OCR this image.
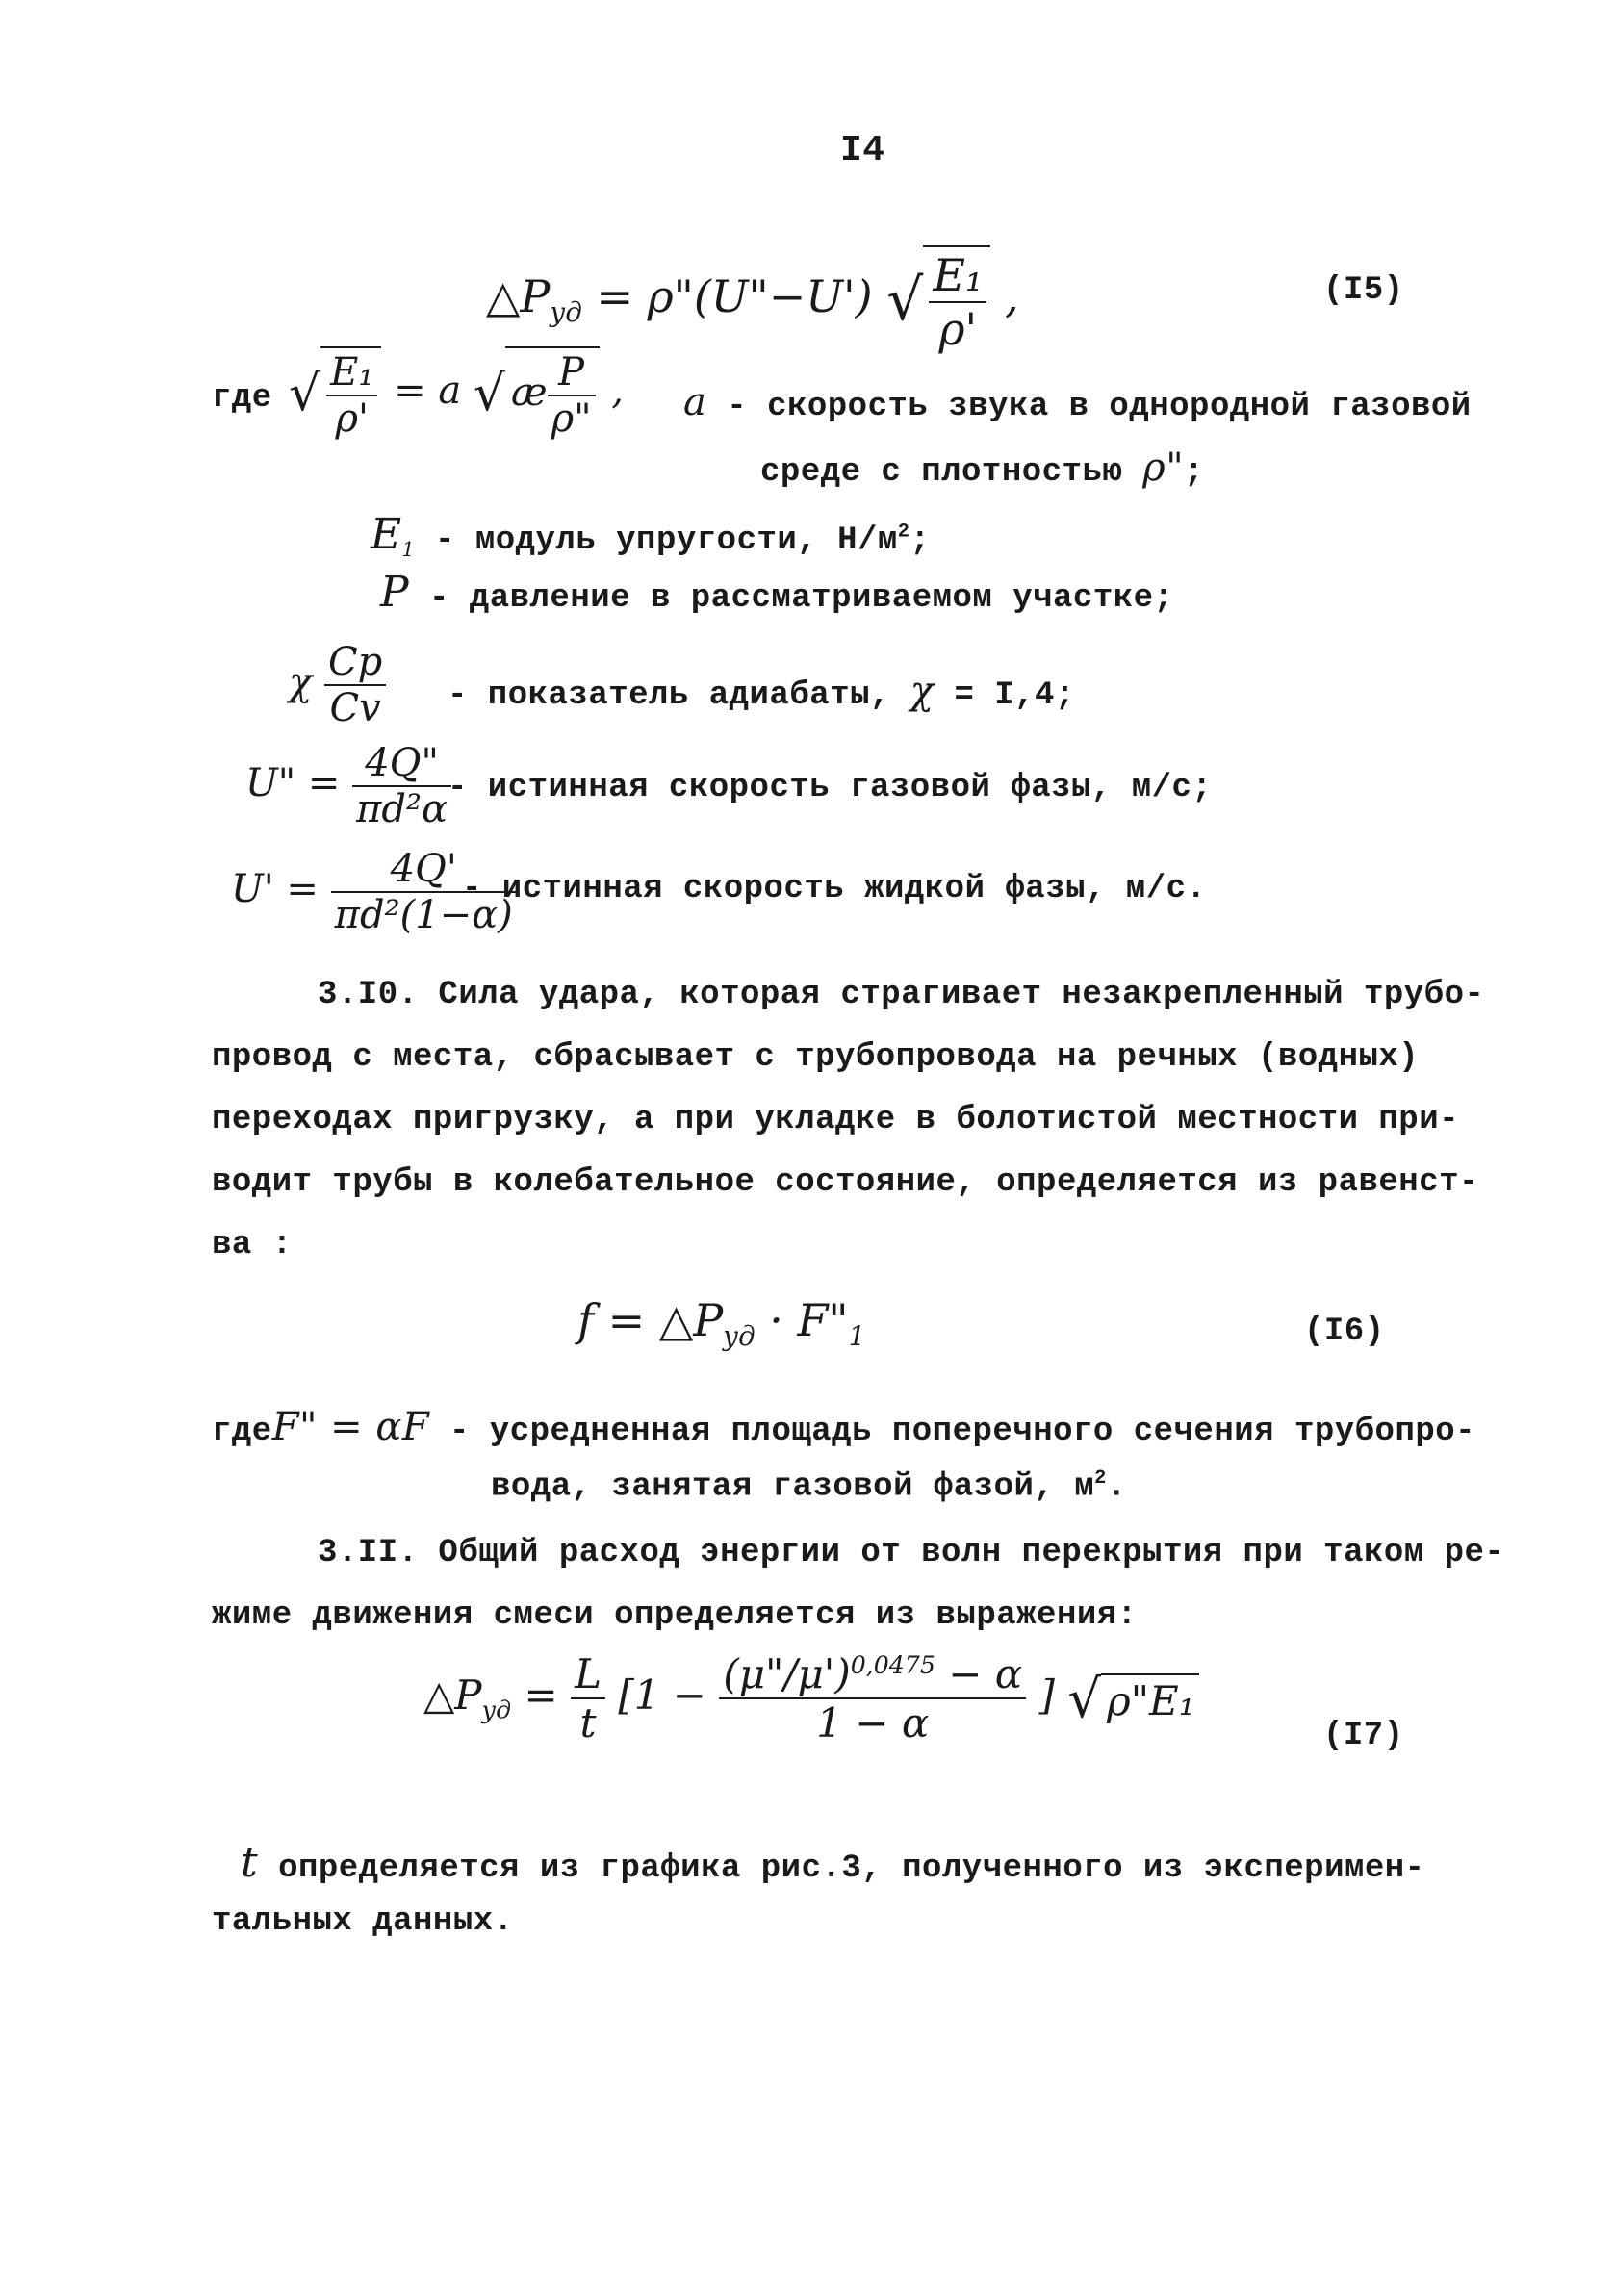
I4
$\triangle P_{уд}$ = ρ"(U"−U') √ $\frac{\text{E₁}}{\rho'}$ ,	(I5)
где √ $\frac{\text{E₁}}{\rho'} = a$ √ æ $\frac{P}{\rho"}$ , a - скорость звука в однородной газовой
среде с плотностью ρ";
$E_1$ - модуль упругости, $Н/м^2$;
P - давление в рассматриваемом участке;
χ $\frac{Cp}{Cv}$ - показатель адиабаты, χ = I,4;
U" = $\frac{4Q"}{\text{πd²α}}$
- истинная скорость газовой фазы, м/с;
$U' = \frac{4Q'}{\text{πd²(1−α)}}$
- истинная скорость жидкой фазы, м/с.
3.I0. Сила удара, которая страгивает незакрепленный трубо-
провод с места, сбрасывает с трубопровода на речных (водных)
переходах пригрузку, а при укладке в болотистой местности при-
водит трубы в колебательное состояние, определяется из равенст-
ва :
$f = \triangle P_{уд}$ · $F"_1$	(I6)
гдеF" = αF - усредненная площадь поперечного сечения трубопро-
вода, занятая газовой фазой, $м^2$.
3.II. Общий расход энергии от волн перекрытия при таком ре-
жиме движения смеси определяется из выражения:
$\triangle P_{уд} = \frac{L}{t} [1 - \frac{(\mu"/\mu')^{0,0475} - \alpha}{1 - \alpha}$ ] √ ρ"E₁
(I7)
t определяется из графика рис.3, полученного из эксперимен-
тальных данных.
